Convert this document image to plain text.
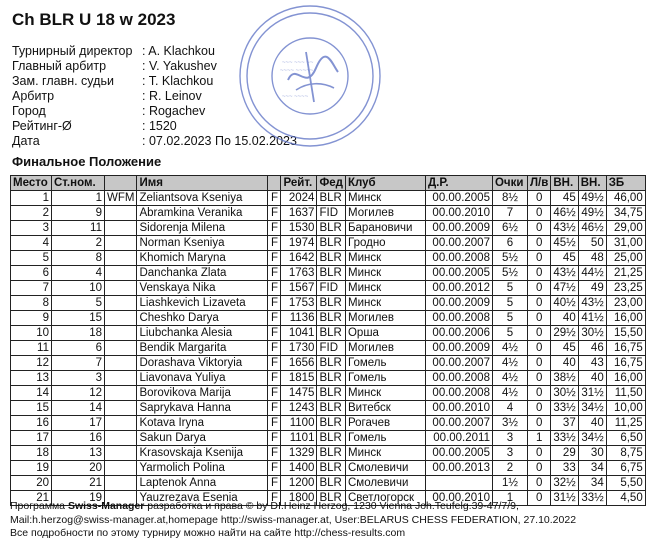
Ch BLR U 18 w 2023
Турнирный директор : A. Klachkou
Главный арбитр	: V. Yakushev
Зам. главн. судьи	: T. Klachkou
Арбитр	: R. Leinov
Город	: Rogachev
Рейтинг-Ø	: 1520
Дата	: 07.02.2023 По 15.02.2023
~~~ ~~~ ~~
~~~~ ~~~~~
~~~ ~~~~
Финальное Положение
Место	Ст.ном.		Имя		Рейт.	Фед	Клуб	Д.Р.	Очки	Л/в	ВН.	ВН.	ЗБ
1	1	WFM	Zeliantsova Kseniya	F	2024	BLR	Минск	00.00.2005	8½	0	45	49½	46,00
2	9		Abramkina Veranika	F	1637	FID	Могилев	00.00.2010	7	0	46½	49½	34,75
3	11		Sidorenja Milena	F	1530	BLR	Барановичи	00.00.2009	6½	0	43½	46½	29,00
4	2		Norman Kseniya	F	1974	BLR	Гродно	00.00.2007	6	0	45½	50	31,00
5	8		Khomich Maryna	F	1642	BLR	Минск	00.00.2008	5½	0	45	48	25,00
6	4		Danchanka Zlata	F	1763	BLR	Минск	00.00.2005	5½	0	43½	44½	21,25
7	10		Venskaya Nika	F	1567	FID	Минск	00.00.2012	5	0	47½	49	23,25
8	5		Liashkevich Lizaveta	F	1753	BLR	Минск	00.00.2009	5	0	40½	43½	23,00
9	15		Cheshko Darya	F	1136	BLR	Могилев	00.00.2008	5	0	40	41½	16,00
10	18		Liubchanka Alesia	F	1041	BLR	Орша	00.00.2006	5	0	29½	30½	15,50
11	6		Bendik Margarita	F	1730	FID	Могилев	00.00.2009	4½	0	45	46	16,75
12	7		Dorashava Viktoryia	F	1656	BLR	Гомель	00.00.2007	4½	0	40	43	16,75
13	3		Liavonava Yuliya	F	1815	BLR	Гомель	00.00.2008	4½	0	38½	40	16,00
14	12		Borovikova Marija	F	1475	BLR	Минск	00.00.2008	4½	0	30½	31½	11,50
15	14		Saprykava Hanna	F	1243	BLR	Витебск	00.00.2010	4	0	33½	34½	10,00
16	17		Kotava Iryna	F	1100	BLR	Рогачев	00.00.2007	3½	0	37	40	11,25
17	16		Sakun Darya	F	1101	BLR	Гомель	00.00.2011	3	1	33½	34½	6,50
18	13		Krasovskaja Ksenija	F	1329	BLR	Минск	00.00.2005	3	0	29	30	8,75
19	20		Yarmolich Polina	F	1400	BLR	Смолевичи	00.00.2013	2	0	33	34	6,75
20	21		Laptenok Anna	F	1200	BLR	Смолевичи		1½	0	32½	34	5,50
21	19		Yauzrezava Esenia	F	1800	BLR	Светлогорск	00.00.2010	1	0	31½	33½	4,50
Программа Swiss-Manager разработка и права © by DI.Heinz Herzog, 1230 Vienna Joh.Teufelg.39-47/7/9,
Mail:h.herzog@swiss-manager.at,homepage http://swiss-manager.at, User:BELARUS CHESS FEDERATION, 27.10.2022
Все подробности по этому турниру можно найти на сайте http://chess-results.com
